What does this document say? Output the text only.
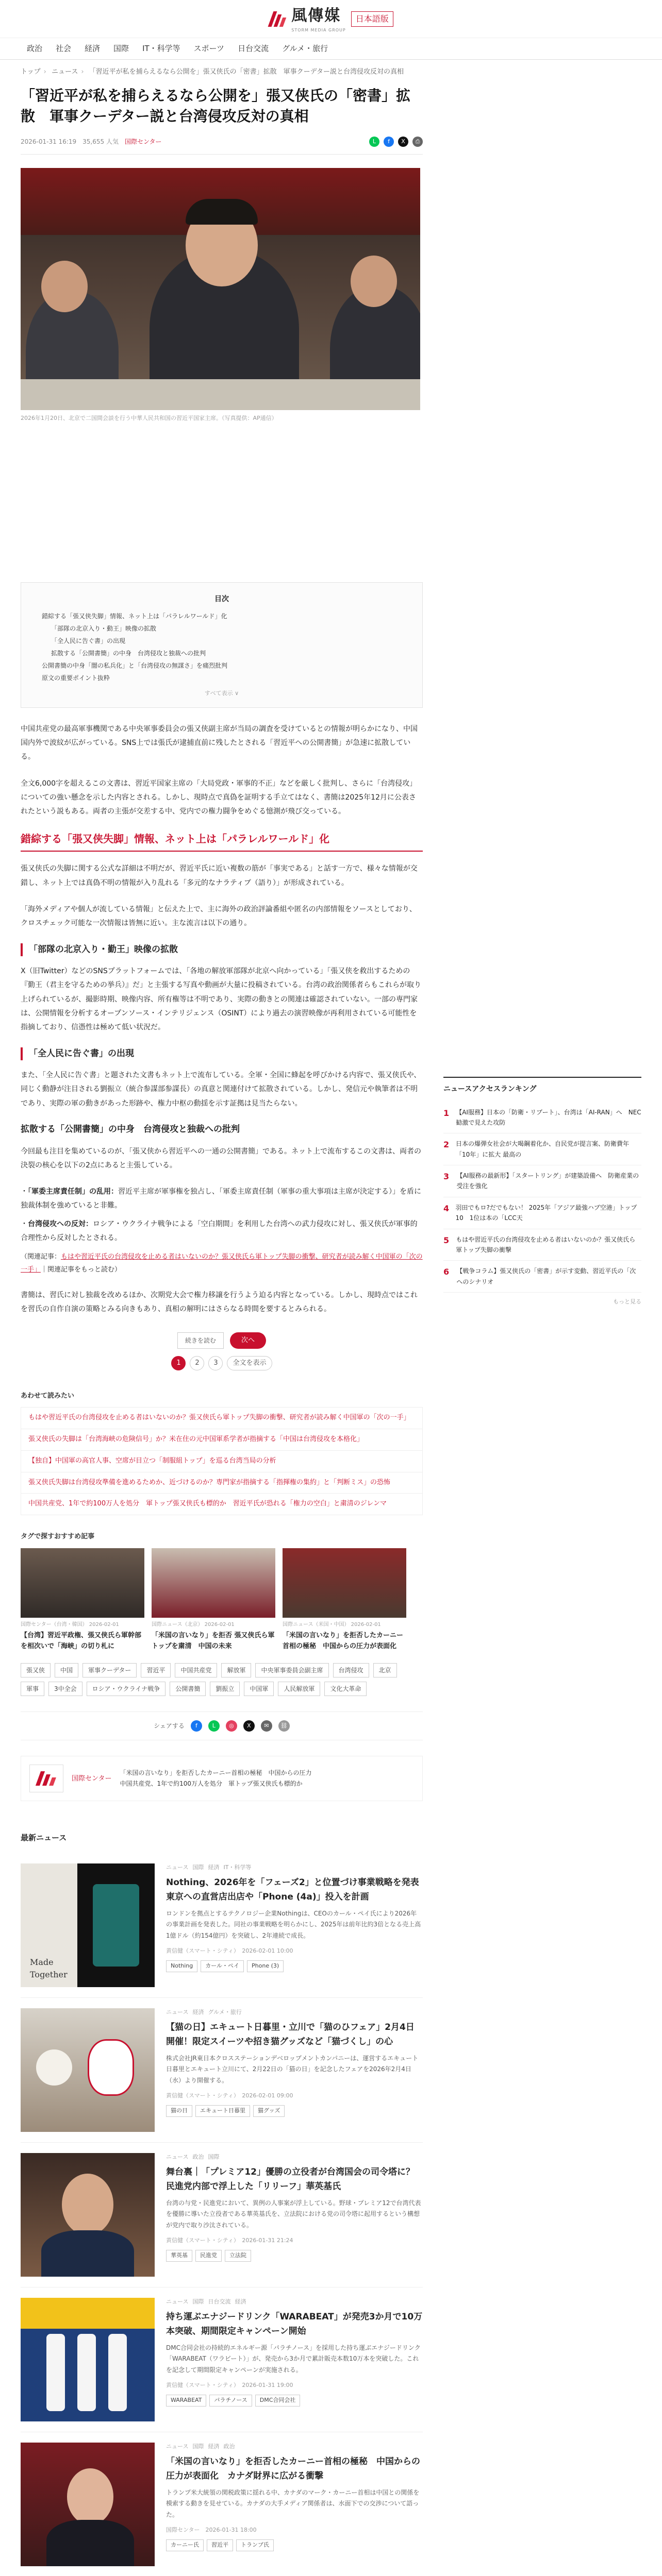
風傳媒
STORM MEDIA GROUP
日本語版
政治 社会 経済 国際 IT・科学等 スポーツ 日台交流 グルメ・旅行
トップ › ニュース › 「習近平が私を捕らえるなら公開を」張又侠氏の「密書」拡散　軍事クーデター説と台湾侵攻反対の真相
「習近平が私を捕らえるなら公開を」張又侠氏の「密書」拡散　軍事クーデター説と台湾侵攻反対の真相
2026-01-31 16:19 35,655 人気 国際センター	L	f	X	⎙

2026年1月20日、北京で二国間会談を行う中華人民共和国の習近平国家主席。（写真提供：AP通信）

目次
錯綜する「張又侠失脚」情報、ネット上は「パラレルワールド」化
「部隊の北京入り・動王」映像の拡散
「全人民に告ぐ書」の出現
拡散する「公開書簡」の中身　台湾侵攻と独裁への批判
公開書簡の中身「闇の私兵化」と「台湾侵攻の無謀さ」を痛烈批判
原文の重要ポイント抜粋
すべて表示 ∨

中国共産党の最高軍事機関である中央軍事委員会の張又侠副主席が当局の調査を受けているとの情報が明らかになり、中国国内外で波紋が広がっている。SNS上では張氏が逮捕直前に残したとされる「習近平への公開書簡」が急速に拡散している。

全文6,000字を超えるこの文書は、習近平国家主席の「大局党政・軍事的不正」などを厳しく批判し、さらに「台湾侵攻」についての強い懸念を示した内容とされる。しかし、現時点で真偽を証明する手立てはなく、書簡は2025年12月に公表されたという説もある。両者の主張が交差する中、党内での権力闘争をめぐる憶測が飛び交っている。

錯綜する「張又侠失脚」情報、ネット上は「パラレルワールド」化

張又侠氏の失脚に関する公式な詳細は不明だが、習近平氏に近い複数の筋が「事実である」と話す一方で、様々な情報が交錯し、ネット上では真偽不明の情報が入り乱れる「多元的なナラティブ（語り）」が形成されている。

「海外メディアや個人が流している情報」と伝えた上で、主に海外の政治評論番組や匿名の内部情報をソースとしており、クロスチェック可能な一次情報は皆無に近い。主な流言は以下の通り。

「部隊の北京入り・勤王」映像の拡散

X（旧Twitter）などのSNSプラットフォームでは、「各地の解放軍部隊が北京へ向かっている」「張又侠を救出するための『勤王（君主を守るための挙兵）』だ」と主張する写真や動画が大量に投稿されている。台湾の政治関係者らもこれらが取り上げられているが、撮影時期、映像内容、所有権等は不明であり、実際の動きとの関連は確認されていない。一部の専門家は、公開情報を分析するオープンソース・インテリジェンス（OSINT）により過去の演習映像が再利用されている可能性を指摘しており、信憑性は極めて低い状況だ。

「全人民に告ぐ書」の出現

また、「全人民に告ぐ書」と題された文書もネット上で流布している。全軍・全国に蜂起を呼びかける内容で、張又侠氏や、同じく動静が注目される劉振立（統合参謀部参謀長）の真意と関連付けて拡散されている。しかし、発信元や執筆者は不明であり、実際の軍の動きがあった形跡や、権力中枢の動揺を示す証拠は見当たらない。

拡散する「公開書簡」の中身　台湾侵攻と独裁への批判

今回最も注目を集めているのが、「張又侠から習近平への一通の公開書簡」である。ネット上で流布するこの文書は、両者の決裂の核心を以下の2点にあると主張している。

・「軍委主席責任制」の乱用：習近平主席が軍事権を独占し、「軍委主席責任制（軍事の重大事項は主席が決定する）」を盾に独裁体制を強めていると非難。
・台湾侵攻への反対：ロシア・ウクライナ戦争による「空白期間」を利用した台湾への武力侵攻に対し、張又侠氏が軍事的合理性から反対したとされる。

（関連記事：もはや習近平氏の台湾侵攻を止める者はいないのか？張又侠氏ら軍トップ失脚の衝撃、研究者が読み解く中国軍の「次の一手」｜関連記事をもっと読む）

書簡は、習氏に対し独裁を改めるほか、次期党大会で権力移譲を行うよう迫る内容となっている。しかし、現時点ではこれを習氏の自作自演の策略とみる向きもあり、真相の解明にはさらなる時間を要するとみられる。

続きを読む	次へ
1	2	3	全文を表示
あわせて読みたい
もはや習近平氏の台湾侵攻を止める者はいないのか？張又侠氏ら軍トップ失脚の衝撃、研究者が読み解く中国軍の「次の一手」
張又侠氏の失脚は「台湾海峡の危険信号」か？米在住の元中国軍系学者が指摘する「中国は台湾侵攻を本格化」
【独自】中国軍の高官人事、空席が目立つ「制服組トップ」を巡る台湾当局の分析
張又侠氏失脚は台湾侵攻準備を進めるためか、近づけるのか？専門家が指摘する「指揮権の集約」と「判断ミス」の恐怖
中国共産党、1年で約100万人を処分　軍トップ張又侠氏も標的か　習近平氏が恐れる「権力の空白」と粛清のジレンマ
タグで探すおすすめ記事
国際センター（台湾・韓国） 2026-02-01
【台湾】習近平政権、張又侠氏ら軍幹部を相次いで「海峡」の切り札に
国際ニュース（北京） 2026-02-01
「米国の言いなり」を拒否 張又侠氏ら軍トップを粛清　中国の未来
国際ニュース（米国・中国） 2026-02-01
「米国の言いなり」を拒否したカーニー首相の極秘　中国からの圧力が表面化
張又侠	中国	軍事クーデター	習近平	中国共産党	解放軍	中央軍事委員会副主席	台湾侵攻	北京
軍事	3中全会	ロシア・ウクライナ戦争	公開書簡	劉振立	中国軍	人民解放軍	文化大革命
シェアする	f	L	◎	X	✉	⛓
国際センター
「米国の言いなり」を拒否したカーニー首相の極秘　中国からの圧力
中国共産党、1年で約100万人を処分　軍トップ張又侠氏も標的か
最新ニュース
Made
Together
ニュース 国際 経済 IT・科学等
Nothing、2026年を「フェーズ2」と位置づけ事業戦略を発表　東京への直営店出店や「Phone (4a)」投入を計画
ロンドンを拠点とするテクノロジー企業Nothingは、CEOのカール・ペイ氏により2026年の事業計画を発表した。同社の事業戦略を明らかにし、2025年は前年比約3倍となる売上高1億ドル（約154億円）を突破し、2年連続で成長。
黄信健（スマート・シティ）　2026-02-01 10:00
Nothing	カール・ペイ	Phone (3)
ニュース 経済 グルメ・旅行
【猫の日】エキュート日暮里・立川で「猫のひフェア」2月4日開催！限定スイーツや招き猫グッズなど「猫づくし」の心
株式会社JR東日本クロスステーションデベロップメントカンパニーは、運営するエキュート日暮里とエキュート立川にて、2月22日の「猫の日」を記念したフェアを2026年2月4日（水）より開催する。
黄信健（スマート・シティ）　2026-02-01 09:00
猫の日	エキュート日暮里	猫グッズ
ニュース 政治 国際
舞台裏｜「プレミア12」優勝の立役者が台湾国会の司令塔に？民進党内部で浮上した「リリーフ」華英基氏
台湾の与党・民進党において、異例の人事案が浮上している。野球・プレミア12で台湾代表を優勝に導いた立役者である華英基氏を、立法院における党の司令塔に起用するという構想が党内で取り沙汰されている。
黄信健（スマート・シティ）　2026-01-31 21:24
華英基	民進党	立法院
ニュース 国際 日台交流 経済
持ち運ぶエナジードリンク「WARABEAT」が発売3か月で10万本突破、期間限定キャンペーン開始
DMC合同会社の持続的エネルギー源「パラチノース」を採用した持ち運ぶエナジードリンク「WARABEAT（ワラビート）」が、発売から3か月で累計販売本数10万本を突破した。これを記念して期間限定キャンペーンが実施される。
黄信健（スマート・シティ）　2026-01-31 19:00
WARABEAT	パラチノース	DMC合同会社
ニュース 国際 経済 政治
「米国の言いなり」を拒否したカーニー首相の極秘　中国からの圧力が表面化　カナダ財界に広がる衝撃
トランプ米大統領の関税政策に揺れる中、カナダのマーク・カーニー首相は中国との関係を模索する動きを見せている。カナダの大手メディア関係者は、水面下での交渉について語った。
国際センター　2026-01-31 18:00
カーニー氏	習近平	トランプ氏
ニュースアクセスランキング
1 【AI服務】日本の「防衛・リブート」、台湾は「AI-RAN」へ　NEC勧激で見えた攻防
2 日本の爆弾女社会が大喝鋼着化か、自民党が提言案、防衛費年「10年」に拡大 最高の
3	【AI服務の最新形】「スタートリング」が建築設備へ　防衛産業の受注を強化
4 羽田でもロ?だでもない！ 2025年「アジア最強ハブ空港」トップ10　1位は本の「LCC天
5 もはや習近平氏の台湾侵攻を止める者はいないのか？張又侠氏ら軍トップ失脚の衝撃
6	【戦争コラム】張又侠氏の「密書」が示す変動、習近平氏の「次へのシナリオ
もっと見る
